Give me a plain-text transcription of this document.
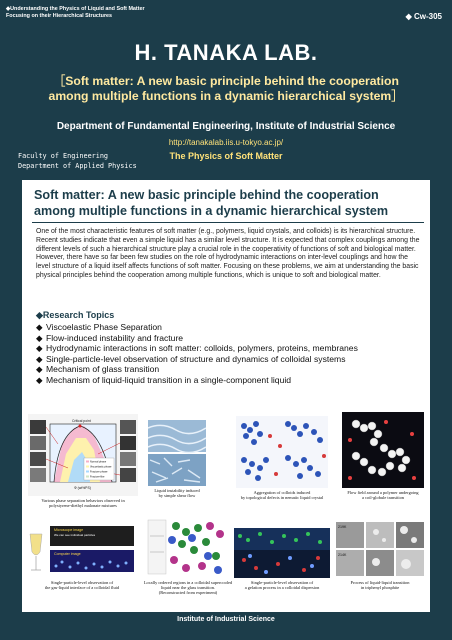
◆Understanding the Physics of Liquid and Soft Matter
Focusing on their Hierarchical Structures	◆ Cw-305
H. TANAKA LAB.
［Soft matter: A new basic principle behind the cooperation
among multiple functions in a dynamic hierarchical system］
Department of Fundamental Engineering, Institute of Industrial Science
http://tanakalab.iis.u-tokyo.ac.jp/
Faculty of Engineering
Department of Applied Physics
The Physics of Soft Matter
Soft matter: A new basic principle behind the cooperation
among multiple functions in a dynamic hierarchical system

One of the most characteristic features of soft matter (e.g., polymers, liquid crystals, and colloids) is its hierarchical structure. Recent studies indicate that even a simple liquid has a similar level structure. It is expected that complex couplings among the different levels of such a hierarchical structure play a crucial role in the cooperativity of functions of soft and biological matter. However, there have so far been few studies on the role of hydrodynamic interactions on inter-level couplings and how the level structure of a liquid itself affects functions of soft matter. Focusing on these problems, we aim at understanding the basic physical principles behind the cooperation among multiple functions, which is unique to soft and biological matter.

◆Research Topics
◆ Viscoelastic Phase Separation
◆ Flow-induced instability and fracture
◆ Hydrodynamic interactions in soft matter: colloids, polymers, proteins, membranes
◆ Single-particle-level observation of structure and dynamics of colloidal systems
◆ Mechanism of glass transition
◆ Mechanism of liquid-liquid transition in a single-component liquid
Normal phase
Viscoelastic phase
Fracture phase
Fracture-like
Critical point
Φ (wt%PS)
Various phase separation behaviors observed in
polystyrene-diethyl malonate mixtures
Liquid instability induced
by simple shear flow
Aggregation of colloids induced
by topological defects in nematic liquid crystal
Flow field around a polymer undergoing
a coil-globule transition
Microscope image
We can see individual particles
Computer image
Single-particle-level observation of
the gas-liquid interface of a colloidal fluid
Locally ordered regions in a colloidal supercooled
liquid near the glass transition.
(Reconstructed from experiment)
Single-particle-level observation of
a gelation process in a colloidal dispersion
219K
214K
Process of liquid-liquid transition
in triphenyl phosphite
Institute of Industrial Science
